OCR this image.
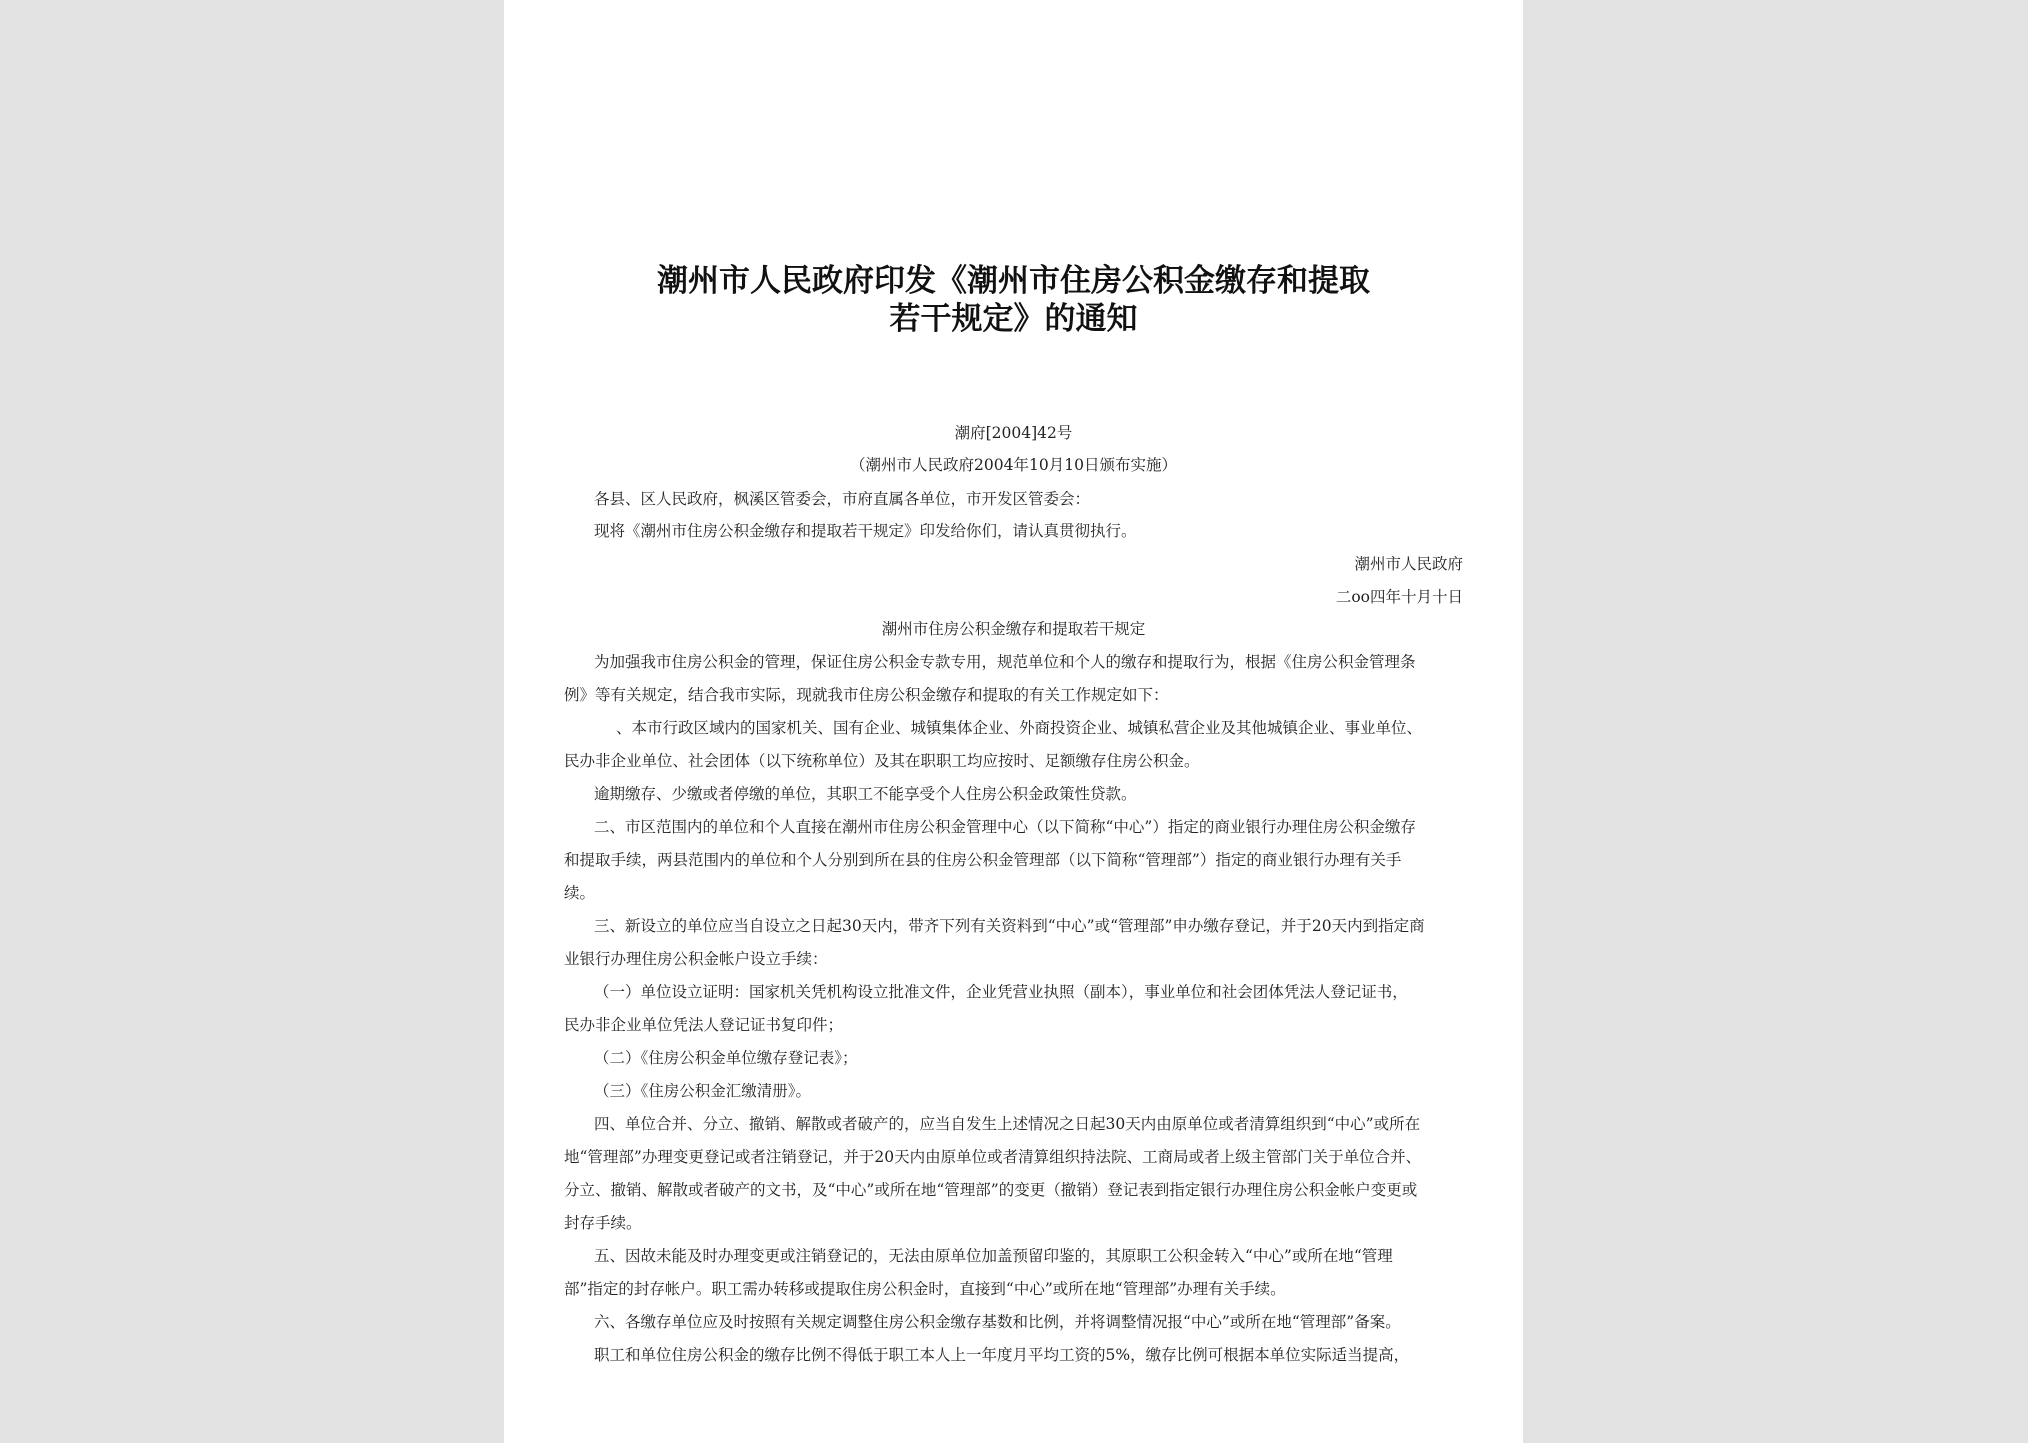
潮州市人民政府印发《潮州市住房公积金缴存和提取
若干规定》的通知
潮府[2004]42号
（潮州市人民政府2004年10月10日颁布实施）
各县、区人民政府，枫溪区管委会，市府直属各单位，市开发区管委会：
现将《潮州市住房公积金缴存和提取若干规定》印发给你们，请认真贯彻执行。
潮州市人民政府
二oo四年十月十日
潮州市住房公积金缴存和提取若干规定
为加强我市住房公积金的管理，保证住房公积金专款专用，规范单位和个人的缴存和提取行为，根据《住房公积金管理条
例》等有关规定，结合我市实际，现就我市住房公积金缴存和提取的有关工作规定如下：
、本市行政区域内的国家机关、国有企业、城镇集体企业、外商投资企业、城镇私营企业及其他城镇企业、事业单位、
民办非企业单位、社会团体（以下统称单位）及其在职职工均应按时、足额缴存住房公积金。
逾期缴存、少缴或者停缴的单位，其职工不能享受个人住房公积金政策性贷款。
二、市区范围内的单位和个人直接在潮州市住房公积金管理中心（以下简称“中心”）指定的商业银行办理住房公积金缴存
和提取手续，两县范围内的单位和个人分别到所在县的住房公积金管理部（以下简称“管理部”）指定的商业银行办理有关手
续。
三、新设立的单位应当自设立之日起30天内，带齐下列有关资料到“中心”或“管理部”申办缴存登记，并于20天内到指定商
业银行办理住房公积金帐户设立手续：
（一）单位设立证明：国家机关凭机构设立批准文件，企业凭营业执照（副本），事业单位和社会团体凭法人登记证书，
民办非企业单位凭法人登记证书复印件；
（二）《住房公积金单位缴存登记表》；
（三）《住房公积金汇缴清册》。
四、单位合并、分立、撤销、解散或者破产的，应当自发生上述情况之日起30天内由原单位或者清算组织到“中心”或所在
地“管理部”办理变更登记或者注销登记，并于20天内由原单位或者清算组织持法院、工商局或者上级主管部门关于单位合并、
分立、撤销、解散或者破产的文书，及“中心”或所在地“管理部”的变更（撤销）登记表到指定银行办理住房公积金帐户变更或
封存手续。
五、因故未能及时办理变更或注销登记的，无法由原单位加盖预留印鉴的，其原职工公积金转入“中心”或所在地“管理
部”指定的封存帐户。职工需办转移或提取住房公积金时，直接到“中心”或所在地“管理部”办理有关手续。
六、各缴存单位应及时按照有关规定调整住房公积金缴存基数和比例，并将调整情况报“中心”或所在地“管理部”备案。
职工和单位住房公积金的缴存比例不得低于职工本人上一年度月平均工资的5%，缴存比例可根据本单位实际适当提高，
